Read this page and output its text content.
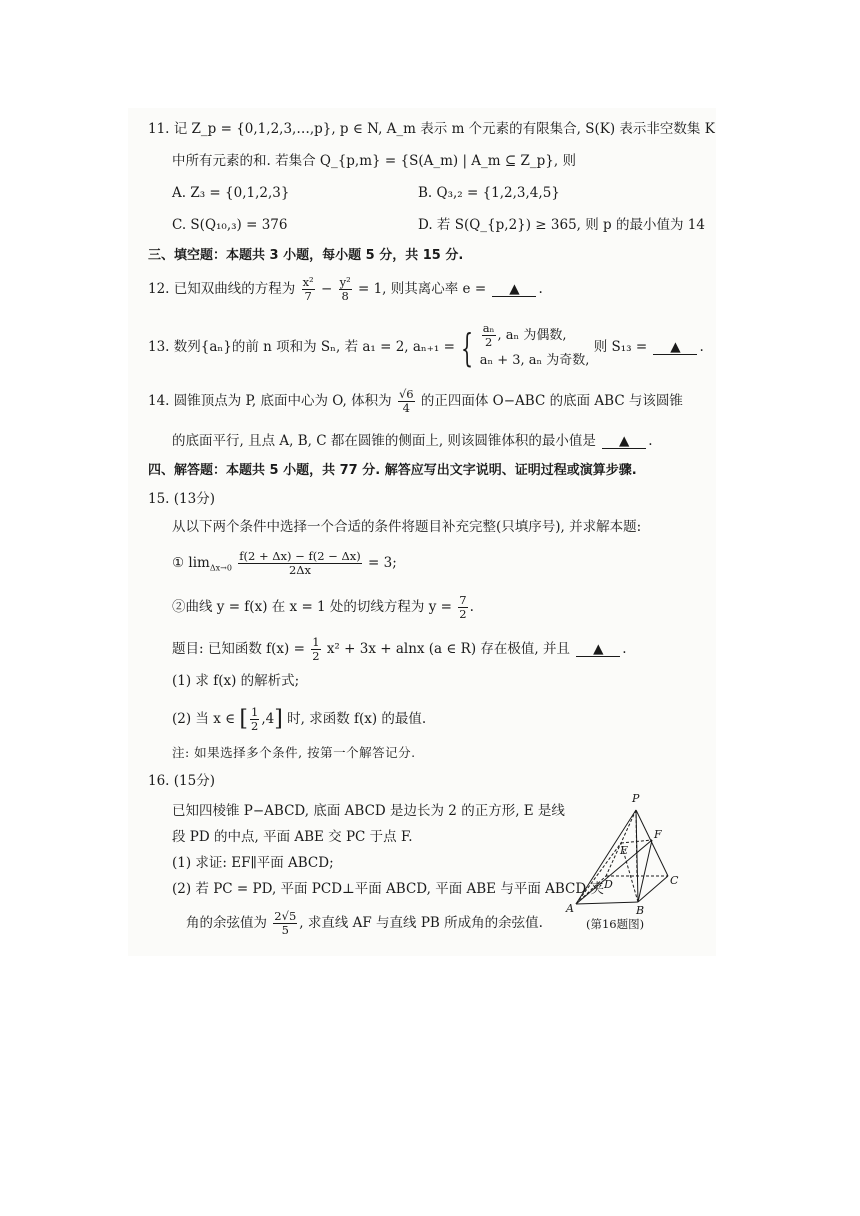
11. 记 Z_p = {0,1,2,3,…,p}, p ∈ N, A_m 表示 m 个元素的有限集合, S(K) 表示非空数集 K
中所有元素的和. 若集合 Q_{p,m} = {S(A_m) | A_m ⊆ Z_p}, 则
A. Z₃ = {0,1,2,3}	B. Q₃,₂ = {1,2,3,4,5}
C. S(Q₁₀,₃) = 376	D. 若 S(Q_{p,2}) ≥ 365, 则 p 的最小值为 14
三、填空题：本题共 3 小题，每小题 5 分，共 15 分.
12. 已知双曲线的方程为 $\frac{\text{x²}}{7} - \frac{\text{y²}}{8} = 1$, 则其离心率 e = ▲ .
13. 数列{aₙ}的前 n 项和为 Sₙ, 若 a₁ = 2, aₙ₊₁ = { $\frac{\text{aₙ}}{2}$ , aₙ 为偶数,
aₙ + 3, aₙ 为奇数,
则 S₁₃ = ▲ .
14. 圆锥顶点为 P, 底面中心为 O, 体积为 $\frac{√6}{4}$ 的正四面体 O−ABC 的底面 ABC 与该圆锥
的底面平行, 且点 A, B, C 都在圆锥的侧面上, 则该圆锥体积的最小值是 ▲ .
四、解答题：本题共 5 小题，共 77 分. 解答应写出文字说明、证明过程或演算步骤.
15. (13分)
从以下两个条件中选择一个合适的条件将题目补充完整(只填序号), 并求解本题:
① $\lim_{\Delta x\to 0} \frac{f(2 + \Delta x) - f(2 - \Delta x)}{2\Delta x} = 3$;
②曲线 y = f(x) 在 x = 1 处的切线方程为 $y = \frac{7}{2}$ .
题目: 已知函数 $f(x) = \frac{1}{2} x^2 + 3x + alnx$ (a ∈ R) 存在极值, 并且 ▲ .
(1) 求 f(x) 的解析式;
(2) 当 x ∈ [ $\frac{1}{2} ,4$] 时, 求函数 f(x) 的最值.
注: 如果选择多个条件, 按第一个解答记分.
16. (15分)
已知四棱锥 P−ABCD, 底面 ABCD 是边长为 2 的正方形, E 是线
段 PD 的中点, 平面 ABE 交 PC 于点 F.
(1) 求证: EF∥平面 ABCD;
(2) 若 PC = PD, 平面 PCD⊥平面 ABCD, 平面 ABE 与平面 ABCD 夹
角的余弦值为 $\frac{2√5}{5}$ , 求直线 AF 与直线 PB 所成角的余弦值.
P
F
E
D	C
A	B
(第16题图)
